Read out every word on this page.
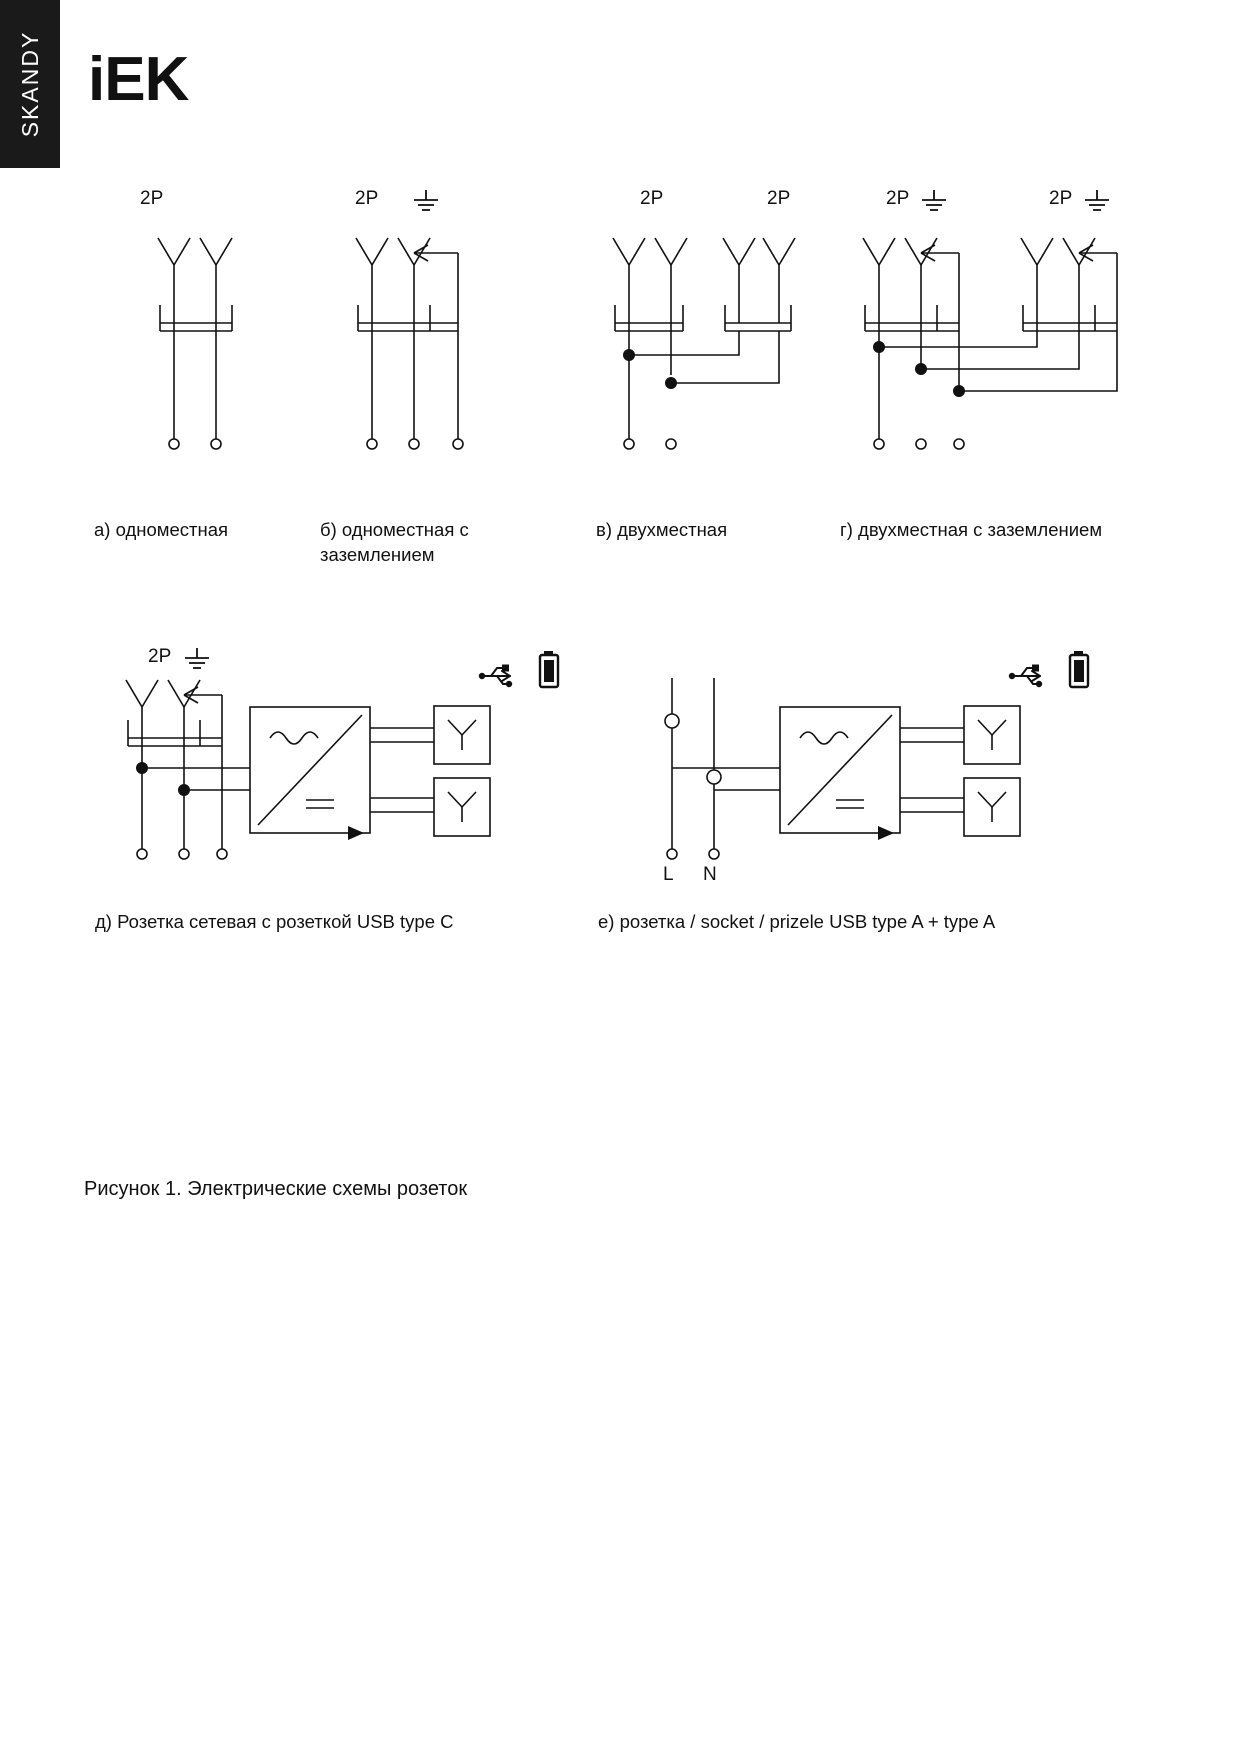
SKANDY iEK
2P
а) одноместная
2P
б) одноместная с заземлением
2P	2P
в) двухместная
2P	2P
г) двухместная с заземлением
2P
д) Розетка сетевая с розеткой USB type C
L N
е) розетка / socket / prizele USB type A + type A
Рисунок 1. Электрические схемы розеток
